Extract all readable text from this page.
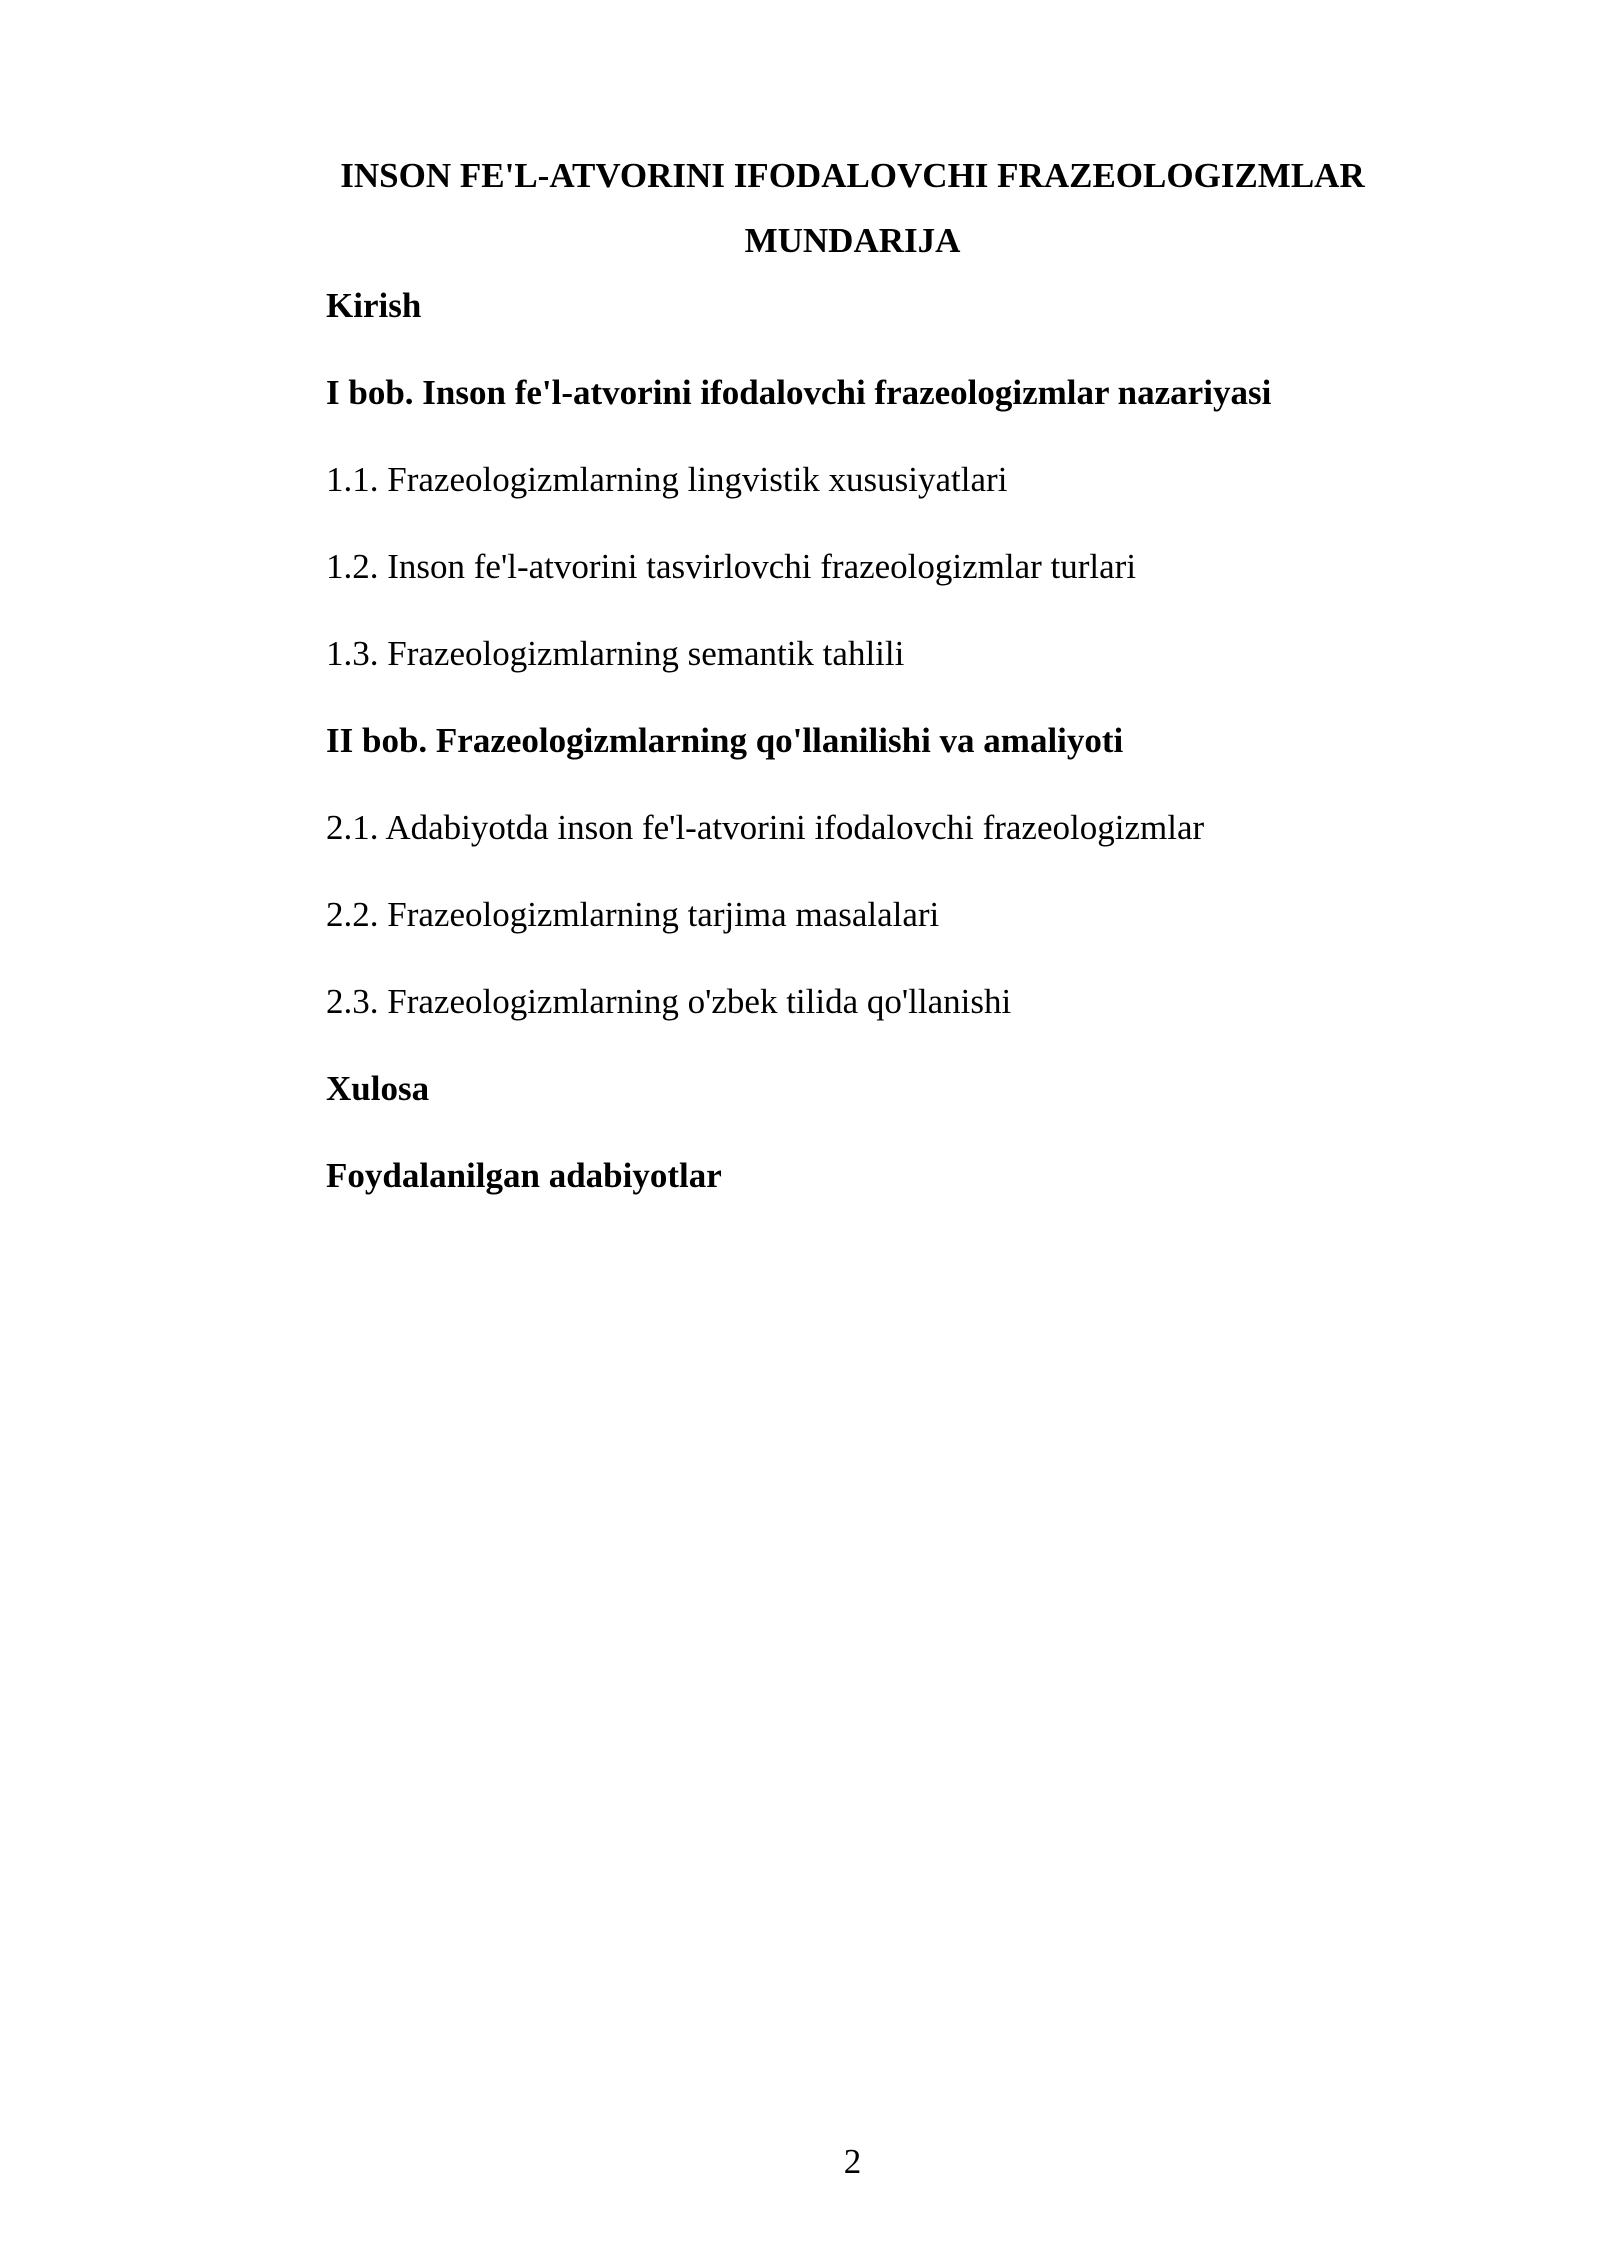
INSON FE'L-ATVORINI IFODALOVCHI FRAZEOLOGIZMLAR
MUNDARIJA
Kirish
I bob. Inson fe'l-atvorini ifodalovchi frazeologizmlar nazariyasi
1.1. Frazeologizmlarning lingvistik xususiyatlari
1.2. Inson fe'l-atvorini tasvirlovchi frazeologizmlar turlari
1.3. Frazeologizmlarning semantik tahlili
II bob. Frazeologizmlarning qo'llanilishi va amaliyoti
2.1. Adabiyotda inson fe'l-atvorini ifodalovchi frazeologizmlar
2.2. Frazeologizmlarning tarjima masalalari
2.3. Frazeologizmlarning o'zbek tilida qo'llanishi
Xulosa
Foydalanilgan adabiyotlar
2
